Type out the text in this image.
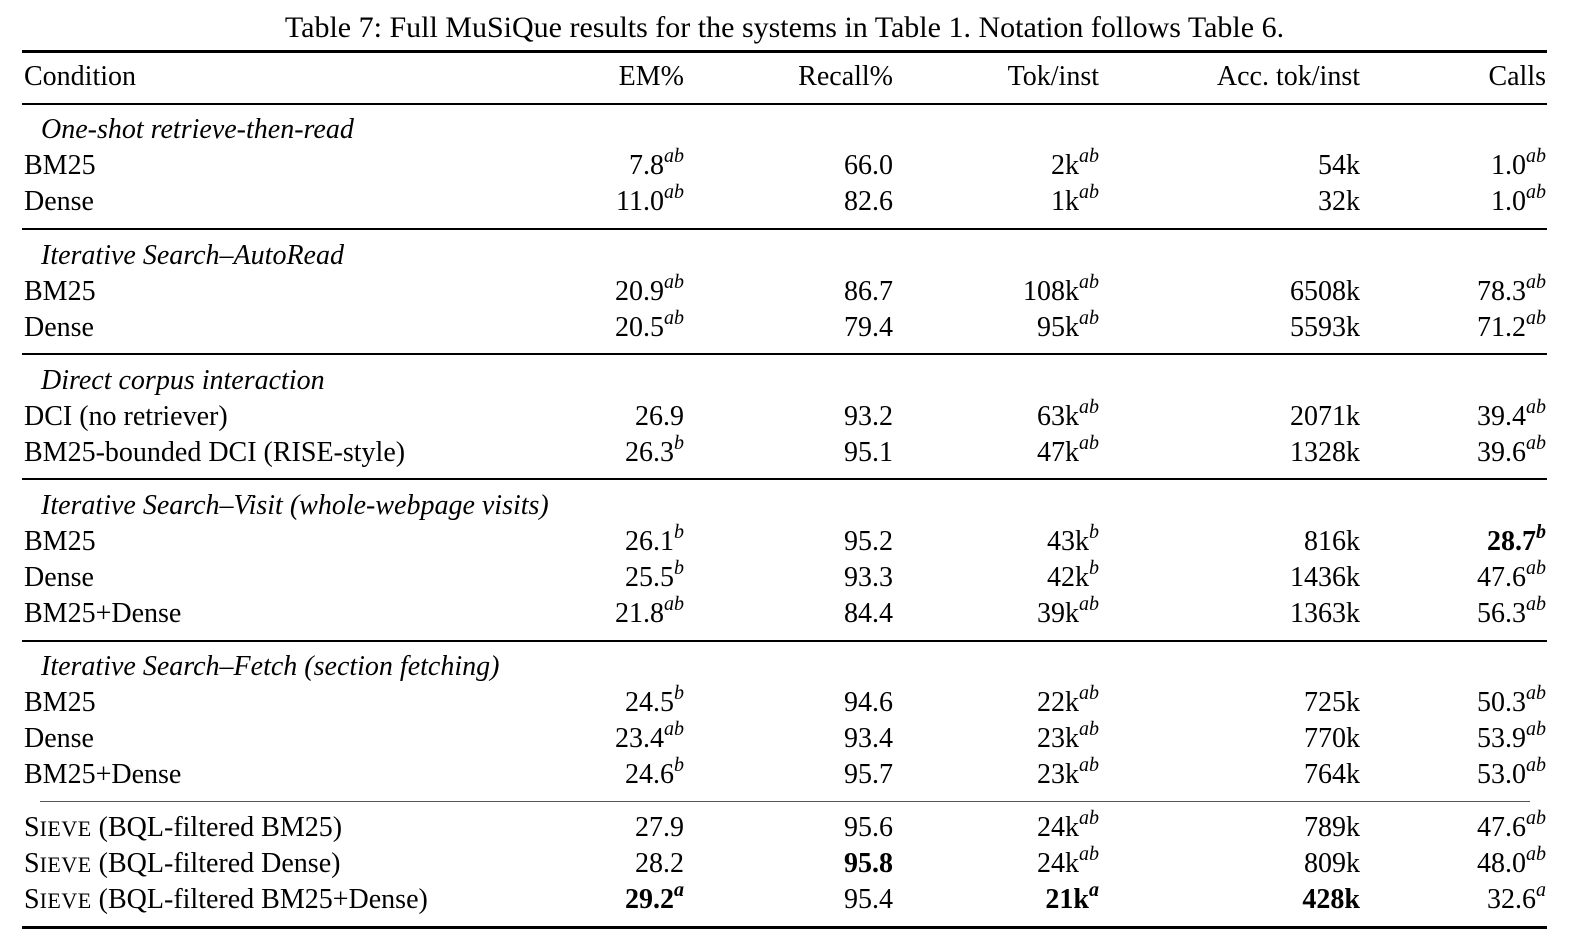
Table 7: Full MuSiQue results for the systems in Table 1. Notation follows Table 6.
Condition	EM%	Recall%	Tok/inst	Acc. tok/inst	Calls
One-shot retrieve-then-read
BM25	7.8$^{ab}$	66.0	$2k^{ab}$	54k	1.0$^{ab}$
Dense	11.0$^{ab}$	82.6	$1k^{ab}$	32k	1.0$^{ab}$
Iterative Search–AutoRead
BM25	20.9$^{ab}$	86.7	$108k^{ab}$	6508k	78.3$^{ab}$
Dense	20.5$^{ab}$	79.4	$95k^{ab}$	5593k	71.2$^{ab}$
Direct corpus interaction
DCI (no retriever)	26.9	93.2	$63k^{ab}$	2071k	39.4$^{ab}$
BM25-bounded DCI (RISE-style)	26.3$^b$	95.1	$47k^{ab}$	1328k	39.6$^{ab}$
Iterative Search–Visit (whole-webpage visits)
BM25	26.1$^b$	95.2	$43k^b$	816k	28.7$^b$
Dense	25.5$^b$	93.3	$42k^b$	1436k	47.6$^{ab}$
BM25+Dense	21.8$^{ab}$	84.4	$39k^{ab}$	1363k	56.3$^{ab}$
Iterative Search–Fetch (section fetching)
BM25	24.5$^b$	94.6	$22k^{ab}$	725k	50.3$^{ab}$
Dense	23.4$^{ab}$	93.4	$23k^{ab}$	770k	53.9$^{ab}$
BM25+Dense	24.6$^b$	95.7	$23k^{ab}$	764k	53.0$^{ab}$
SIEVE (BQL-filtered BM25)	27.9	95.6	$24k^{ab}$	789k	47.6$^{ab}$
SIEVE (BQL-filtered Dense)	28.2	95.8	$24k^{ab}$	809k	48.0$^{ab}$
SIEVE (BQL-filtered BM25+Dense)	29.2$^a$	95.4	$21k^a$	428k	32.6$^a$
